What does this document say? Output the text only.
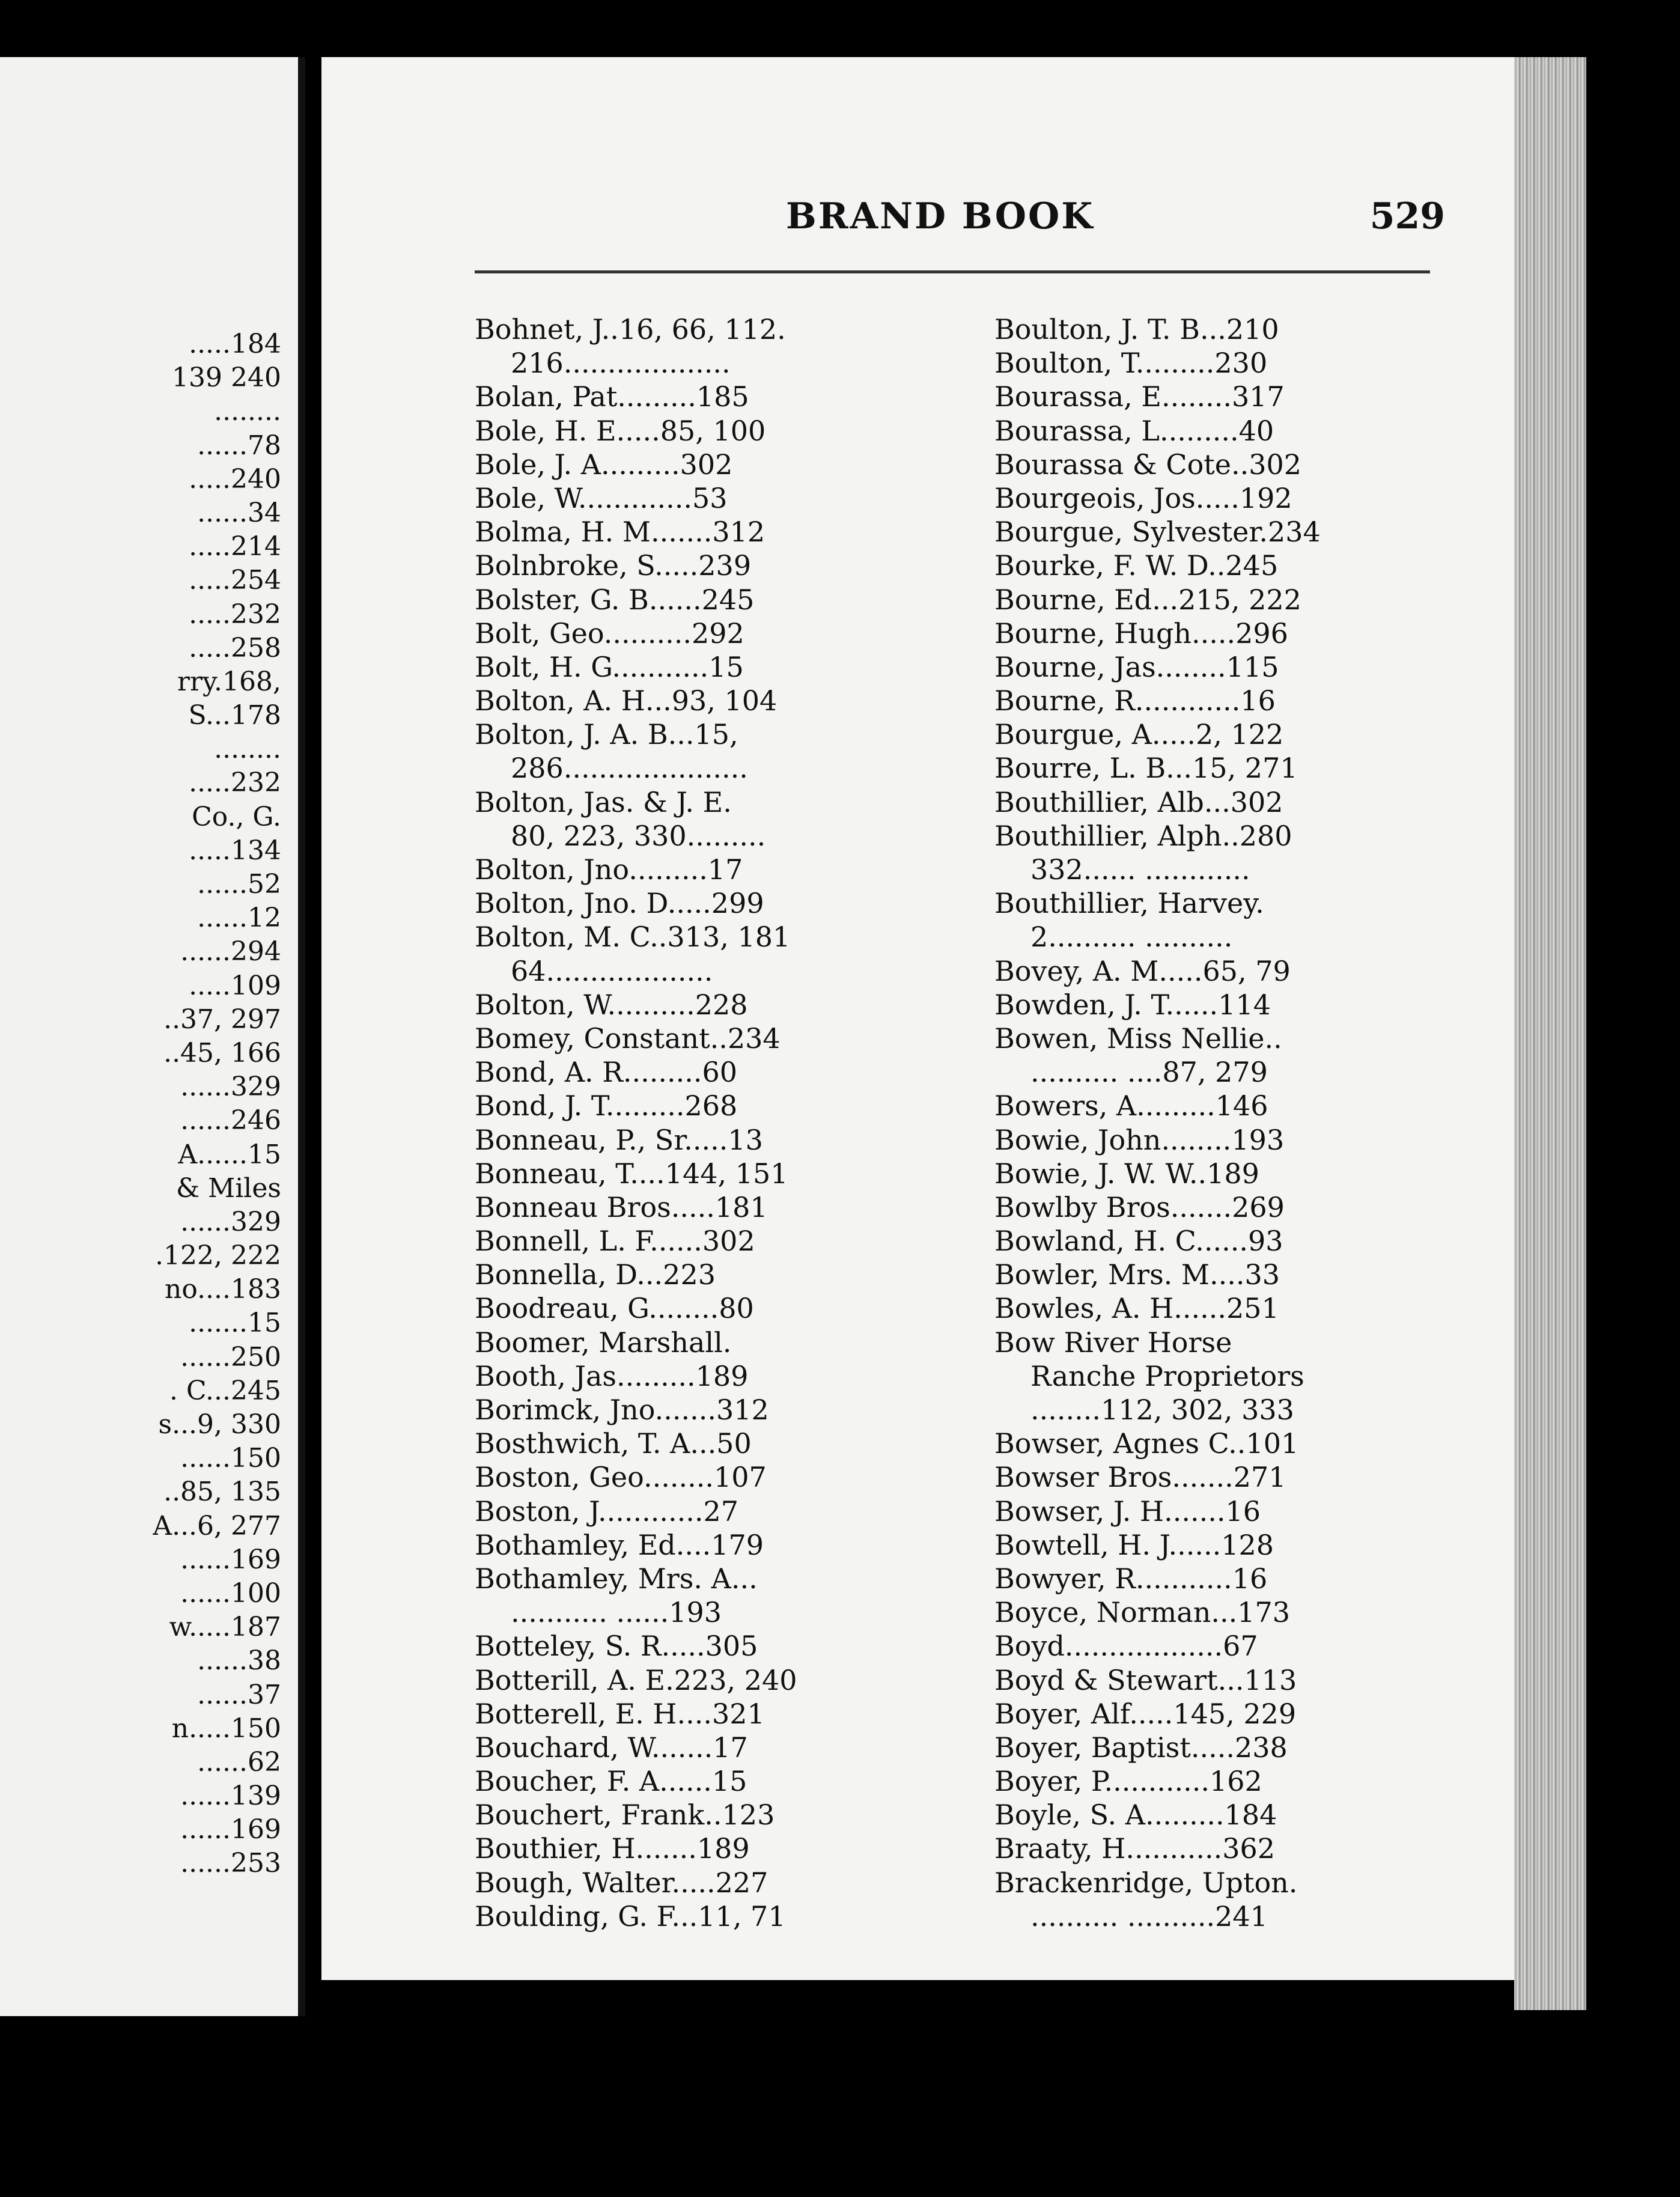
.....184
139 240
........
......78
.....240
......34
.....214
.....254
.....232
.....258
rry.168,
S...178
........
.....232
Co., G.
.....134
......52
......12
......294
.....109
..37, 297
..45, 166
......329
......246
A......15
& Miles
......329
.122, 222
no....183
.......15
......250
. C...245
s...9, 330
......150
..85, 135
A...6, 277
......169
......100
w.....187
......38
......37
n.....150
......62
......139
......169
......253
BRAND BOOK	529
Bohnet, J..16, 66, 112.
216...................
Bolan, Pat.........185
Bole, H. E.....85, 100
Bole, J. A.........302
Bole, W.............53
Bolma, H. M.......312
Bolnbroke, S.....239
Bolster, G. B......245
Bolt, Geo..........292
Bolt, H. G...........15
Bolton, A. H...93, 104
Bolton, J. A. B...15,
286.....................
Bolton, Jas. & J. E.
80, 223, 330.........
Bolton, Jno.........17
Bolton, Jno. D.....299
Bolton, M. C..313, 181
64...................
Bolton, W..........228
Bomey, Constant..234
Bond, A. R.........60
Bond, J. T.........268
Bonneau, P., Sr.....13
Bonneau, T....144, 151
Bonneau Bros.....181
Bonnell, L. F......302
Bonnella, D...223
Boodreau, G........80
Boomer, Marshall.
Booth, Jas.........189
Borimck, Jno.......312
Bosthwich, T. A...50
Boston, Geo........107
Boston, J............27
Bothamley, Ed....179
Bothamley, Mrs. A...
........... ......193
Botteley, S. R.....305
Botterill, A. E.223, 240
Botterell, E. H....321
Bouchard, W.......17
Boucher, F. A......15
Bouchert, Frank..123
Bouthier, H.......189
Bough, Walter.....227
Boulding, G. F...11, 71
Boulton, J. T. B...210
Boulton, T.........230
Bourassa, E........317
Bourassa, L.........40
Bourassa & Cote..302
Bourgeois, Jos.....192
Bourgue, Sylvester.234
Bourke, F. W. D..245
Bourne, Ed...215, 222
Bourne, Hugh.....296
Bourne, Jas........115
Bourne, R............16
Bourgue, A.....2, 122
Bourre, L. B...15, 271
Bouthillier, Alb...302
Bouthillier, Alph..280
332...... ............
Bouthillier, Harvey.
2.......... ..........
Bovey, A. M.....65, 79
Bowden, J. T......114
Bowen, Miss Nellie..
.......... ....87, 279
Bowers, A.........146
Bowie, John........193
Bowie, J. W. W..189
Bowlby Bros.......269
Bowland, H. C......93
Bowler, Mrs. M....33
Bowles, A. H......251
Bow River Horse
Ranche Proprietors
........112, 302, 333
Bowser, Agnes C..101
Bowser Bros.......271
Bowser, J. H.......16
Bowtell, H. J......128
Bowyer, R...........16
Boyce, Norman...173
Boyd..................67
Boyd & Stewart...113
Boyer, Alf.....145, 229
Boyer, Baptist.....238
Boyer, P............162
Boyle, S. A.........184
Braaty, H...........362
Brackenridge, Upton.
.......... ..........241
